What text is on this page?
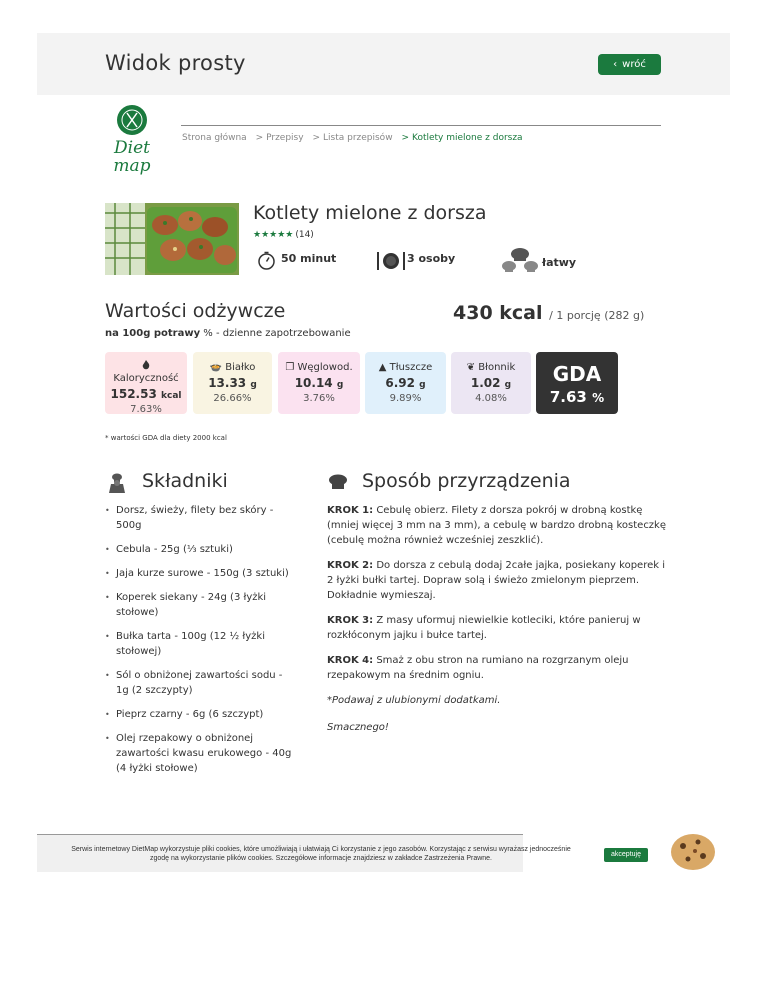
Widok prosty	‹ wróć
Diet
map
Strona główna > Przepisy > Lista przepisów > Kotlety mielone z dorsza
Kotlety mielone z dorsza
★★★★★ (14)
50 minut	3 osoby	łatwy
Wartości odżywcze	430 kcal / 1 porcję (282 g)
na 100g potrawy % - dzienne zapotrzebowanie
Kaloryczność
152.53 kcal
7.63%
🍲 Białko
13.33 g
26.66%
❐ Węglowod.
10.14 g
3.76%
▲ Tłuszcze
6.92 g
9.89%
❦ Błonnik
1.02 g
4.08%
GDA
7.63 %
* wartości GDA dla diety 2000 kcal
Składniki
• Dorsz, świeży, filety bez skóry - 500g
• Cebula - 25g (⅓ sztuki)
• Jaja kurze surowe - 150g (3 sztuki)
• Koperek siekany - 24g (3 łyżki stołowe)
• Bułka tarta - 100g (12 ½ łyżki stołowej)
• Sól o obniżonej zawartości sodu - 1g (2 szczypty)
• Pieprz czarny - 6g (6 szczypt)
• Olej rzepakowy o obniżonej zawartości kwasu erukowego - 40g (4 łyżki stołowe)
Sposób przyrządzenia
KROK 1: Cebulę obierz. Filety z dorsza pokrój w drobną kostkę (mniej więcej 3 mm na 3 mm), a cebulę w bardzo drobną kosteczkę (cebulę można również wcześniej zeszklić).
KROK 2: Do dorsza z cebulą dodaj 2całe jajka, posiekany koperek i 2 łyżki bułki tartej. Dopraw solą i świeżo zmielonym pieprzem. Dokładnie wymieszaj.
KROK 3: Z masy uformuj niewielkie kotleciki, które panieruj w rozkłóconym jajku i bułce tartej.
KROK 4: Smaż z obu stron na rumiano na rozgrzanym oleju rzepakowym na średnim ogniu.
*Podawaj z ulubionymi dodatkami.
Smacznego!
Serwis internetowy DietMap wykorzystuje pliki cookies, które umożliwiają i ułatwiają Ci korzystanie z jego zasobów. Korzystając z serwisu wyrażasz jednocześnie
zgodę na wykorzystanie plików cookies. Szczegółowe informacje znajdziesz w zakładce Zastrzeżenia Prawne.
akceptuję
